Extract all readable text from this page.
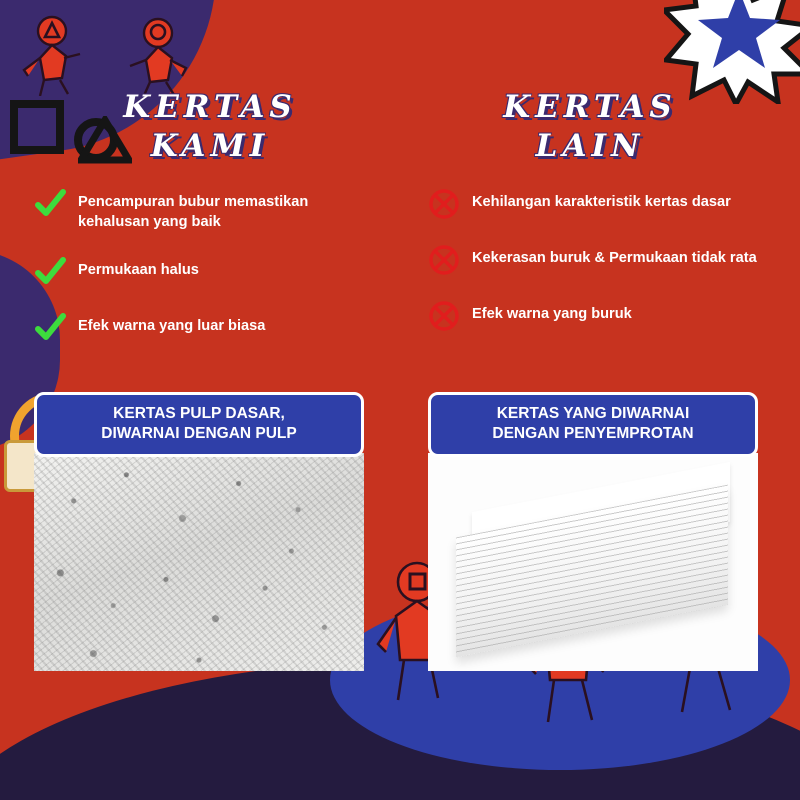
KERTAS
KAMI
KERTAS
LAIN
Pencampuran bubur memastikan kehalusan yang baik
Permukaan halus
Efek warna yang luar biasa
Kehilangan karakteristik kertas dasar
Kekerasan buruk & Permukaan tidak rata
Efek warna yang buruk
KERTAS PULP DASAR,
DIWARNAI DENGAN PULP
KERTAS YANG DIWARNAI
DENGAN PENYEMPROTAN
